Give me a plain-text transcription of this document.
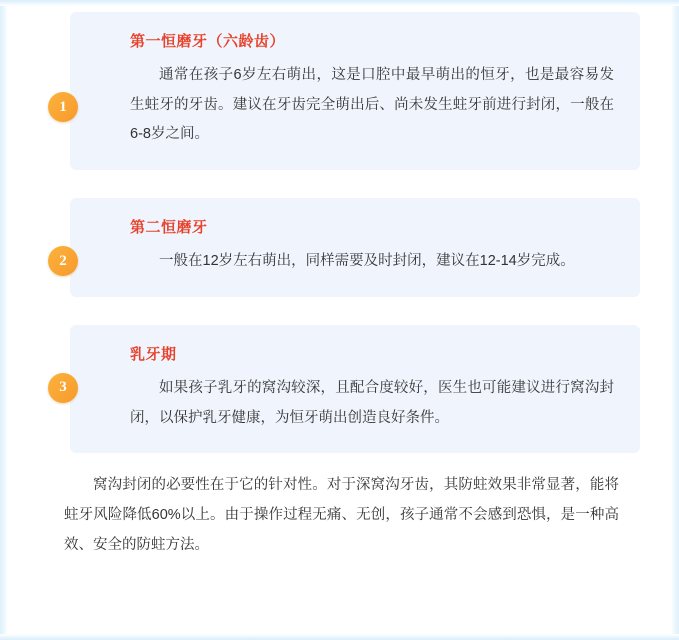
1
第一恒磨牙（六龄齿）

通常在孩子6岁左右萌出，这是口腔中最早萌出的恒牙，也是最容易发生蛀牙的牙齿。建议在牙齿完全萌出后、尚未发生蛀牙前进行封闭，一般在6-8岁之间。

2
第二恒磨牙

一般在12岁左右萌出，同样需要及时封闭，建议在12-14岁完成。

3
乳牙期

如果孩子乳牙的窝沟较深，且配合度较好，医生也可能建议进行窝沟封闭，以保护乳牙健康，为恒牙萌出创造良好条件。

窝沟封闭的必要性在于它的针对性。对于深窝沟牙齿，其防蛀效果非常显著，能将蛀牙风险降低60%以上。由于操作过程无痛、无创，孩子通常不会感到恐惧，是一种高效、安全的防蛀方法。
